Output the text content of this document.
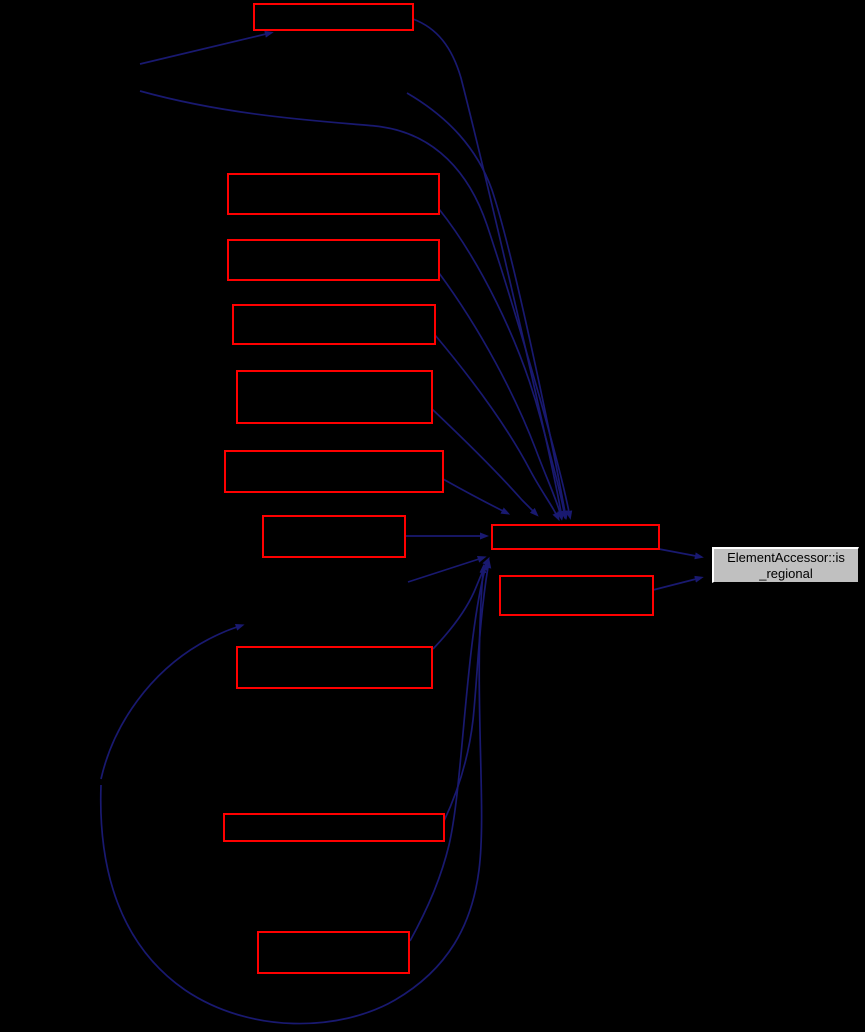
ElementAccessor::is
_regional
